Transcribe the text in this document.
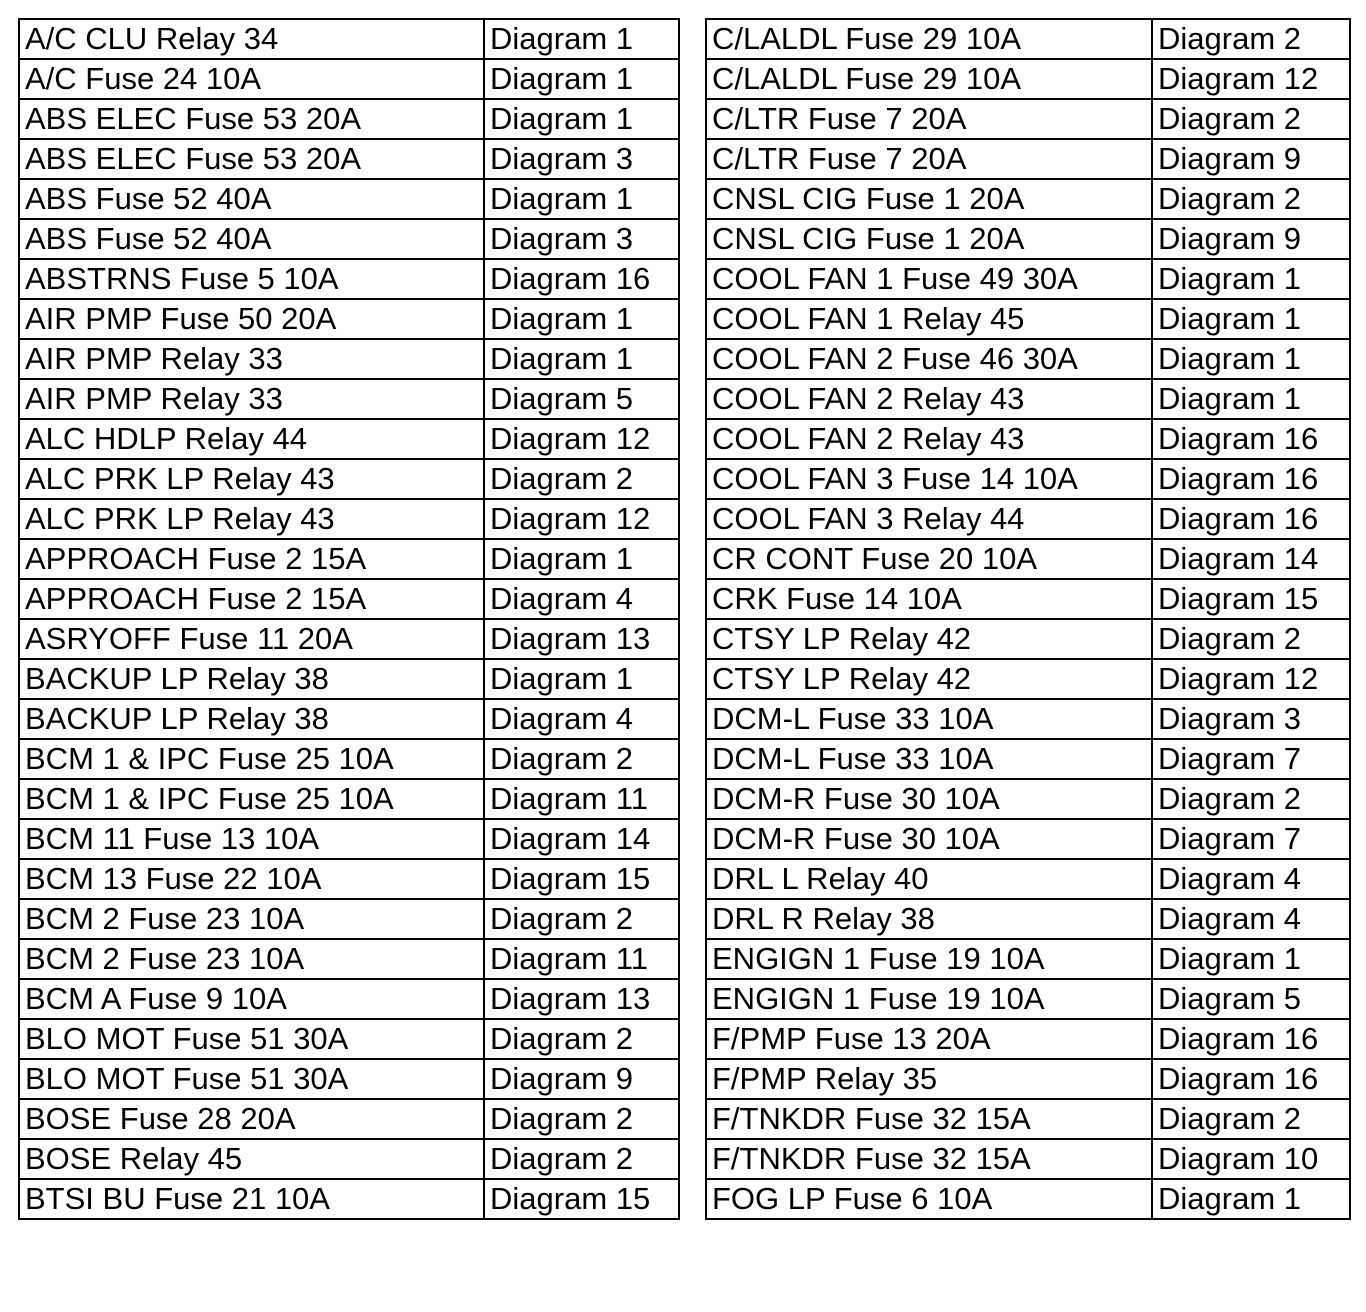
A/C CLU Relay 34	Diagram 1		C/LALDL Fuse 29 10A	Diagram 2
A/C Fuse 24 10A	Diagram 1		C/LALDL Fuse 29 10A	Diagram 12
ABS ELEC Fuse 53 20A	Diagram 1		C/LTR Fuse 7 20A	Diagram 2
ABS ELEC Fuse 53 20A	Diagram 3		C/LTR Fuse 7 20A	Diagram 9
ABS Fuse 52 40A	Diagram 1		CNSL CIG Fuse 1 20A	Diagram 2
ABS Fuse 52 40A	Diagram 3		CNSL CIG Fuse 1 20A	Diagram 9
ABSTRNS Fuse 5 10A	Diagram 16		COOL FAN 1 Fuse 49 30A	Diagram 1
AIR PMP Fuse 50 20A	Diagram 1		COOL FAN 1 Relay 45	Diagram 1
AIR PMP Relay 33	Diagram 1		COOL FAN 2 Fuse 46 30A	Diagram 1
AIR PMP Relay 33	Diagram 5		COOL FAN 2 Relay 43	Diagram 1
ALC HDLP Relay 44	Diagram 12		COOL FAN 2 Relay 43	Diagram 16
ALC PRK LP Relay 43	Diagram 2		COOL FAN 3 Fuse 14 10A	Diagram 16
ALC PRK LP Relay 43	Diagram 12		COOL FAN 3 Relay 44	Diagram 16
APPROACH Fuse 2 15A	Diagram 1		CR CONT Fuse 20 10A	Diagram 14
APPROACH Fuse 2 15A	Diagram 4		CRK Fuse 14 10A	Diagram 15
ASRYOFF Fuse 11 20A	Diagram 13		CTSY LP Relay 42	Diagram 2
BACKUP LP Relay 38	Diagram 1		CTSY LP Relay 42	Diagram 12
BACKUP LP Relay 38	Diagram 4		DCM-L Fuse 33 10A	Diagram 3
BCM 1 & IPC Fuse 25 10A	Diagram 2		DCM-L Fuse 33 10A	Diagram 7
BCM 1 & IPC Fuse 25 10A	Diagram 11		DCM-R Fuse 30 10A	Diagram 2
BCM 11 Fuse 13 10A	Diagram 14		DCM-R Fuse 30 10A	Diagram 7
BCM 13 Fuse 22 10A	Diagram 15		DRL L Relay 40	Diagram 4
BCM 2 Fuse 23 10A	Diagram 2		DRL R Relay 38	Diagram 4
BCM 2 Fuse 23 10A	Diagram 11		ENGIGN 1 Fuse 19 10A	Diagram 1
BCM A Fuse 9 10A	Diagram 13		ENGIGN 1 Fuse 19 10A	Diagram 5
BLO MOT Fuse 51 30A	Diagram 2		F/PMP Fuse 13 20A	Diagram 16
BLO MOT Fuse 51 30A	Diagram 9		F/PMP Relay 35	Diagram 16
BOSE Fuse 28 20A	Diagram 2		F/TNKDR Fuse 32 15A	Diagram 2
BOSE Relay 45	Diagram 2		F/TNKDR Fuse 32 15A	Diagram 10
BTSI BU Fuse 21 10A	Diagram 15		FOG LP Fuse 6 10A	Diagram 1
